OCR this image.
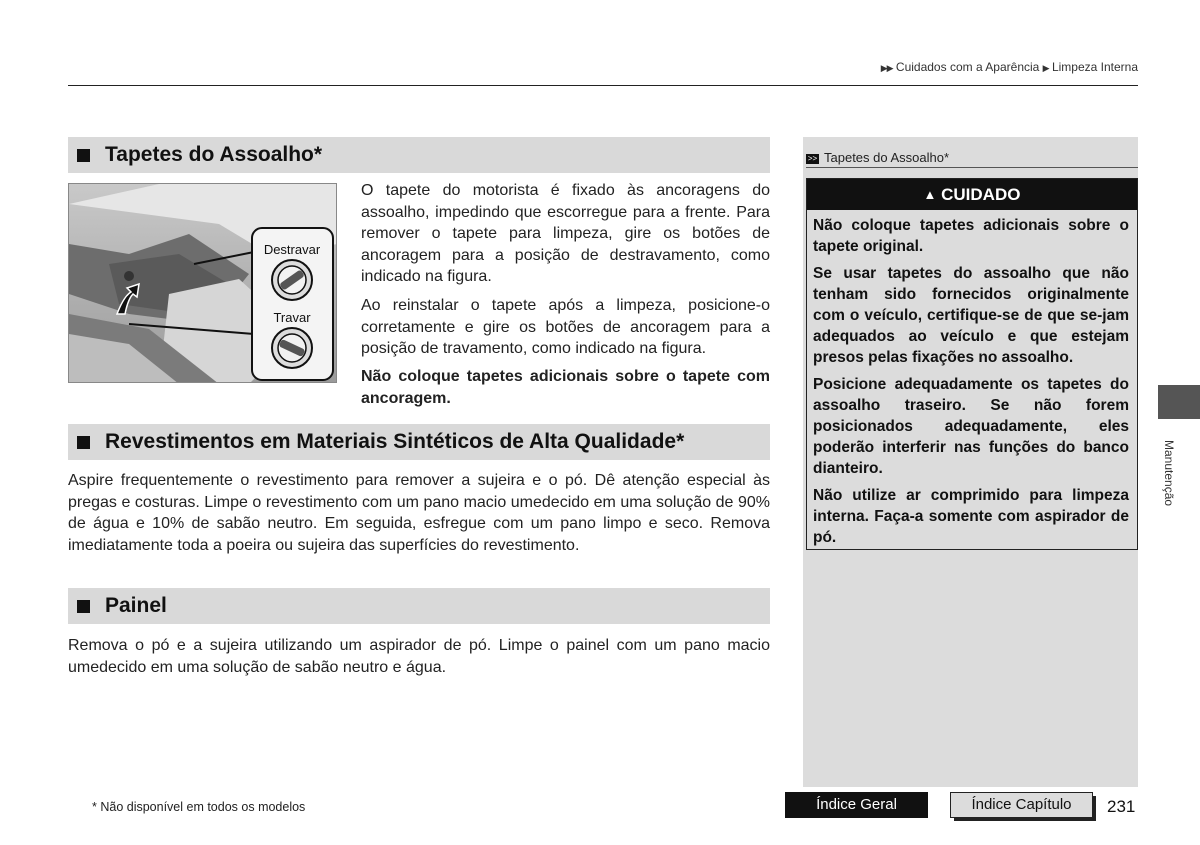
▶▶ Cuidados com a Aparência ▶ Limpeza Interna
Tapetes do Assoalho*
Destravar
Travar
O tapete do motorista é fixado às ancoragens do assoalho, impedindo que escorregue para a frente. Para remover o tapete para limpeza, gire os botões de ancoragem para a posição de destravamento, como indicado na figura.
Ao reinstalar o tapete após a limpeza, posicione-o corretamente e gire os botões de ancoragem para a posição de travamento, como indicado na figura.
Não coloque tapetes adicionais sobre o tapete com ancoragem.
Revestimentos em Materiais Sintéticos de Alta Qualidade*
Aspire frequentemente o revestimento para remover a sujeira e o pó. Dê atenção especial às pregas e costuras. Limpe o revestimento com um pano macio umedecido em uma solução de 90% de água e 10% de sabão neutro. Em seguida, esfregue com um pano limpo e seco. Remova imediatamente toda a poeira ou sujeira das superfícies do revestimento.
Painel
Remova o pó e a sujeira utilizando um aspirador de pó. Limpe o painel com um pano macio umedecido em uma solução de sabão neutro e água.
>> Tapetes do Assoalho*
▲ CUIDADO
Não coloque tapetes adicionais sobre o tapete original.
Se usar tapetes do assoalho que não tenham sido fornecidos originalmente com o veículo, certifique-se de que se-jam adequados ao veículo e que estejam presos pelas fixações no assoalho.
Posicione adequadamente os tapetes do assoalho traseiro. Se não forem posicionados adequadamente, eles poderão interferir nas funções do banco dianteiro.
Não utilize ar comprimido para limpeza interna. Faça-a somente com aspirador de pó.
Manutenção
* Não disponível em todos os modelos	Índice Geral	Índice Capítulo	231
